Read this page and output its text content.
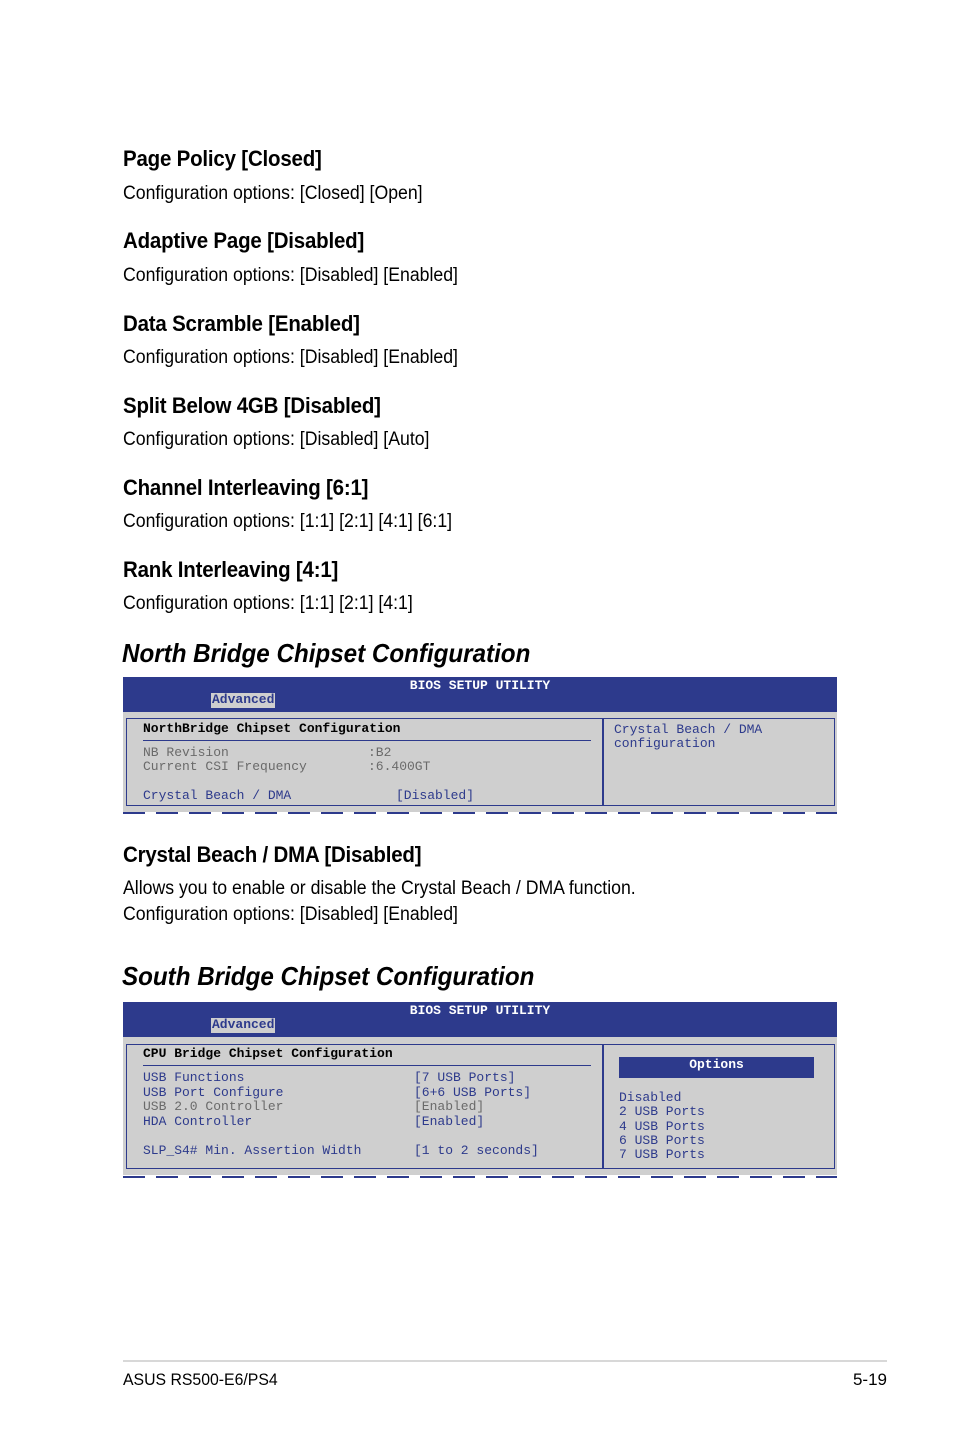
Page Policy [Closed]
Configuration options: [Closed] [Open]
Adaptive Page [Disabled]
Configuration options: [Disabled] [Enabled]
Data Scramble [Enabled]
Configuration options: [Disabled] [Enabled]
Split Below 4GB [Disabled]
Configuration options: [Disabled] [Auto]
Channel Interleaving [6:1]
Configuration options: [1:1] [2:1] [4:1] [6:1]
Rank Interleaving [4:1]
Configuration options: [1:1] [2:1] [4:1]
North Bridge Chipset Configuration

BIOS SETUP UTILITY

Advanced

NorthBridge Chipset Configuration
NB Revision	:B2
Current CSI Frequency	:6.400GT
Crystal Beach / DMA	[Disabled]
Crystal Beach / DMA
configuration
Crystal Beach / DMA [Disabled]
Allows you to enable or disable the Crystal Beach / DMA function.
Configuration options: [Disabled] [Enabled]
South Bridge Chipset Configuration

BIOS SETUP UTILITY

Advanced

CPU Bridge Chipset Configuration
USB Functions	[7 USB Ports]
USB Port Configure	[6+6 USB Ports]
USB 2.0 Controller	[Enabled]
HDA Controller	[Enabled]
SLP_S4# Min. Assertion Width	[1 to 2 seconds]
Options
Disabled
2 USB Ports
4 USB Ports
6 USB Ports
7 USB Ports
ASUS RS500-E6/PS4	5-19
